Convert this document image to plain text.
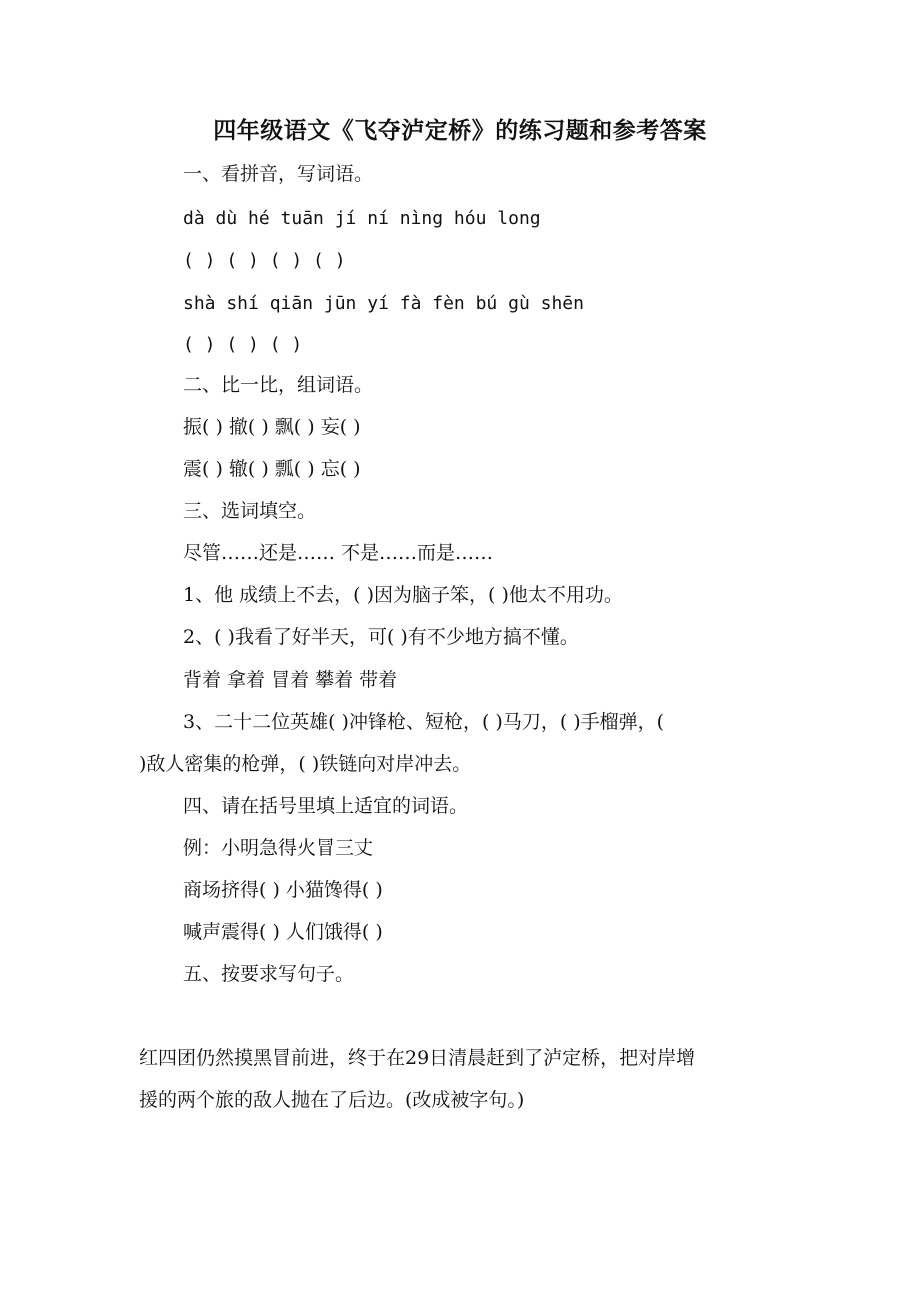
四年级语文《飞夺泸定桥》的练习题和参考答案
一、看拼音，写词语。
dà dù hé tuān jí ní nìng hóu long
( ) ( ) ( ) ( )
shà shí qiān jūn yí fà fèn bú gù shēn
( ) ( ) ( )
二、比一比，组词语。
振( ) 撤( ) 飘( ) 妄( )
震( ) 辙( ) 瓢( ) 忘( )
三、选词填空。
尽管……还是…… 不是……而是……
1、他 成绩上不去，( )因为脑子笨，( )他太不用功。
2、( )我看了好半天，可( )有不少地方搞不懂。
背着 拿着 冒着 攀着 带着
3、二十二位英雄( )冲锋枪、短枪，( )马刀，( )手榴弹，(
)敌人密集的枪弹，( )铁链向对岸冲去。
四、请在括号里填上适宜的词语。
例：小明急得火冒三丈
商场挤得( ) 小猫馋得( )
喊声震得( ) 人们饿得( )
五、按要求写句子。
红四团仍然摸黑冒前进，终于在29日清晨赶到了泸定桥，把对岸增
援的两个旅的敌人抛在了后边。(改成被字句。)
